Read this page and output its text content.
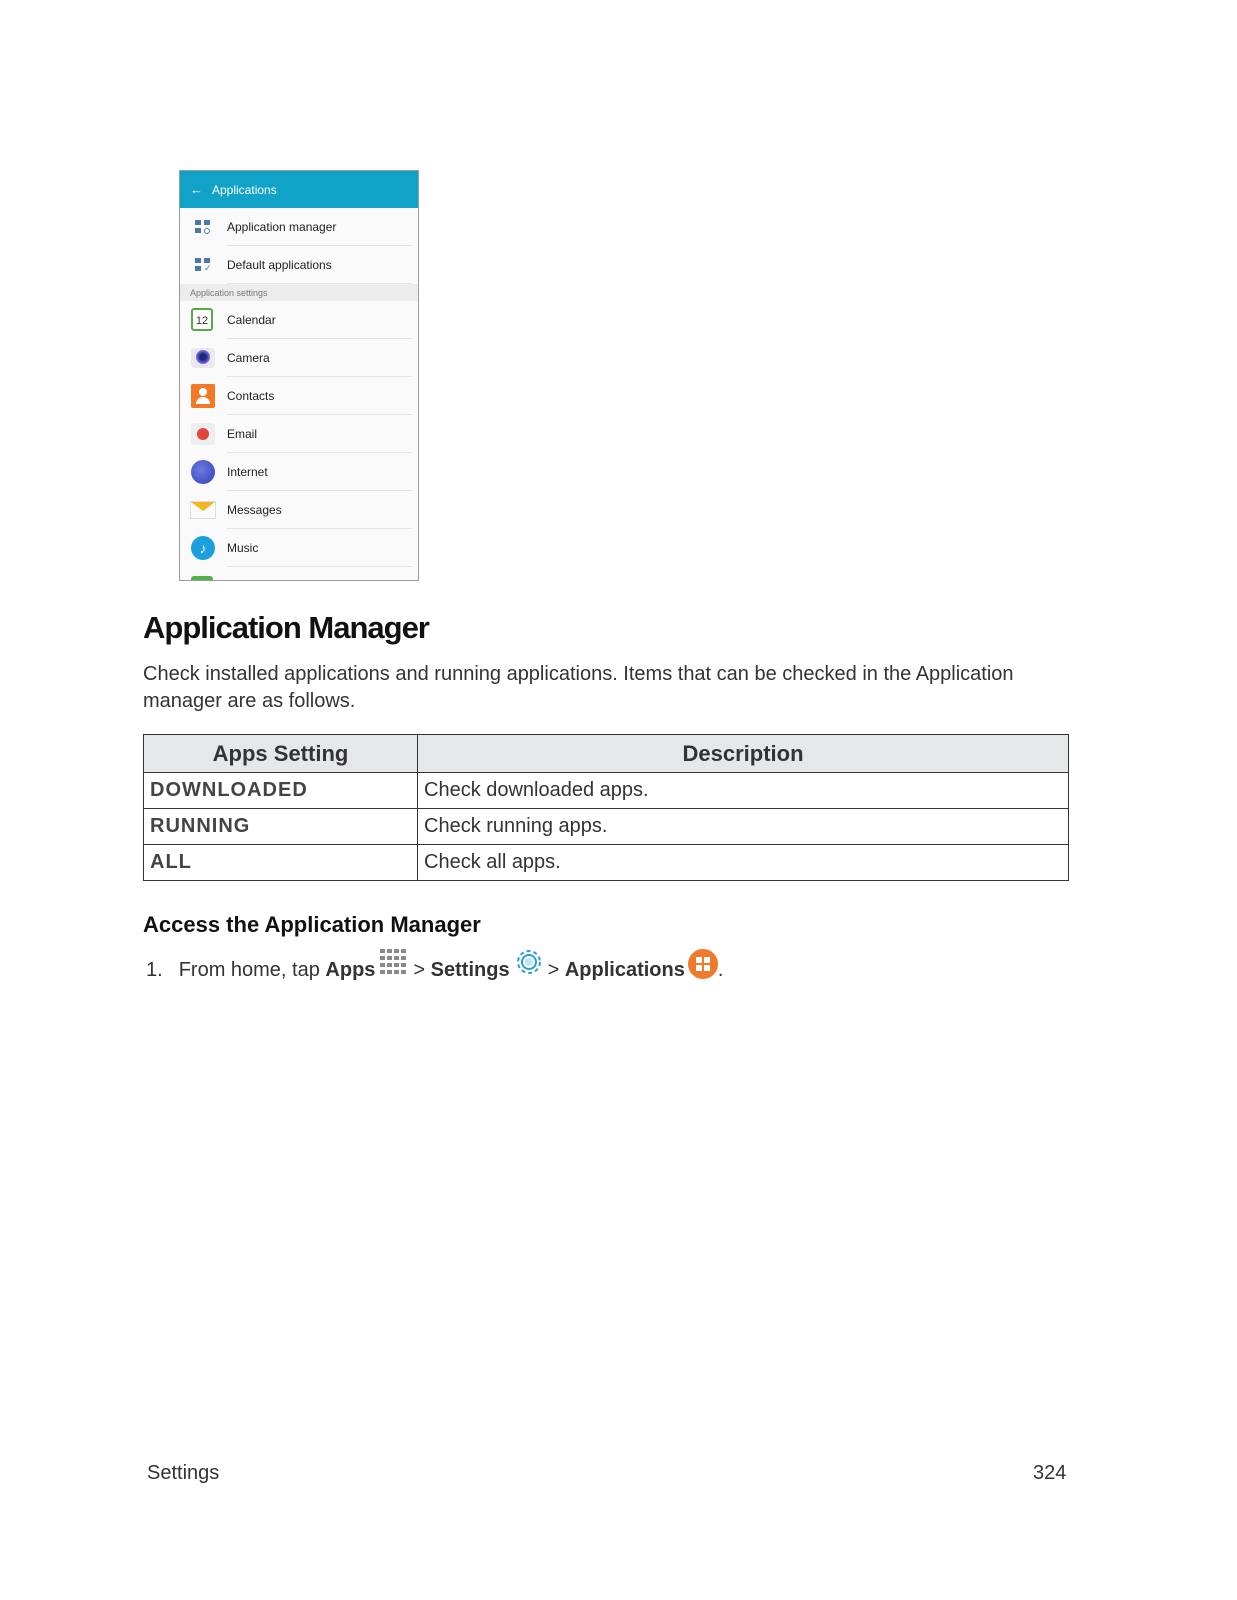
← Applications
Application manager
✓ Default applications
Application settings
12	Calendar
Camera
Contacts
Email
Internet
Messages
♪	Music
Application Manager

Check installed applications and running applications. Items that can be checked in the Application manager are as follows.

Apps Setting	Description
DOWNLOADED	Check downloaded apps.
RUNNING	Check running apps.
ALL	Check all apps.
Access the Application Manager
1. From home, tap
Apps >
Settings >
Applications .
Settings	324
